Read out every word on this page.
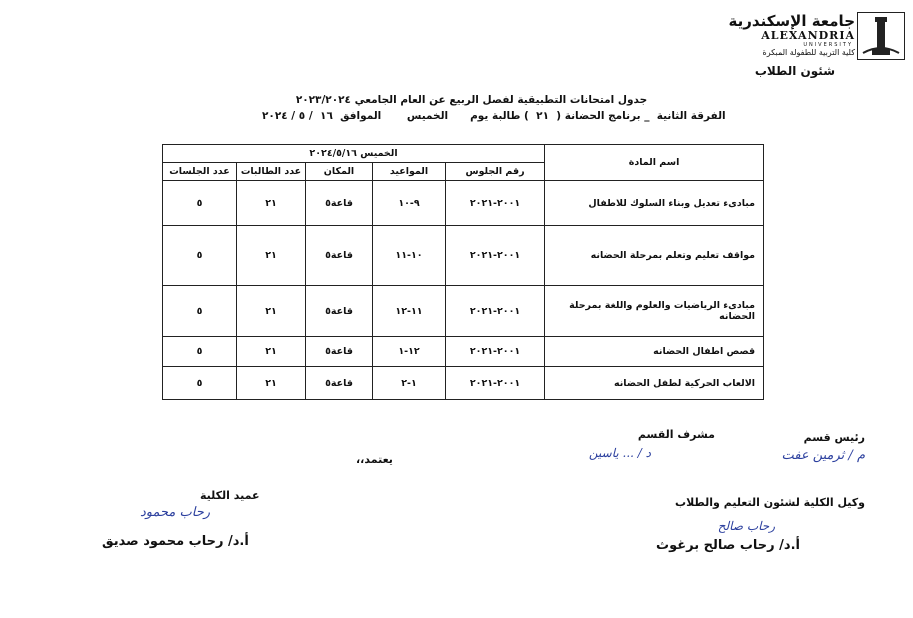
جامعة الإسكندرية
ALEXANDRIA
UNIVERSITY
كلية التربية للطفولة المبكرة
شئون الطلاب
جدول امتحانات التطبيقية لفصل الربيع عن العام الجامعي ٢٠٢٣/٢٠٢٤
الفرقة الثانية  _ برنامج الحضانة (  ٢١  ) طالبة يوم      الخميس       الموافق  ١٦  / ٥ / ٢٠٢٤
الخميس ٢٠٢٤/٥/١٦					اسم المادة
عدد الجلسات	عدد الطالبات	المكان	المواعيد	رقم الجلوس	
٥	٢١	قاعة٥	٩-١٠	٢٠٠١-٢٠٢١	مبادىء تعديل وبناء السلوك للاطفال
٥	٢١	قاعة٥	١٠-١١	٢٠٠١-٢٠٢١	مواقف تعليم وتعلم بمرحلة الحضانه
٥	٢١	قاعة٥	١١-١٢	٢٠٠١-٢٠٢١	مبادىء الرياضيات والعلوم واللغة بمرحلة الحضانه
٥	٢١	قاعة٥	١٢-١	٢٠٠١-٢٠٢١	قصص اطفال الحضانه
٥	٢١	قاعة٥	١-٢	٢٠٠١-٢٠٢١	الالعاب الحركية لطفل الحضانه
رئيس قسم
م / ثرمين عفت
مشرف القسم
د / ... ياسين
يعتمد،،
عميد الكلية
رحاب محمود
أ.د/ رحاب محمود صديق
وكيل الكلية لشئون التعليم والطلاب
رحاب صالح
أ.د/ رحاب صالح برغوث
